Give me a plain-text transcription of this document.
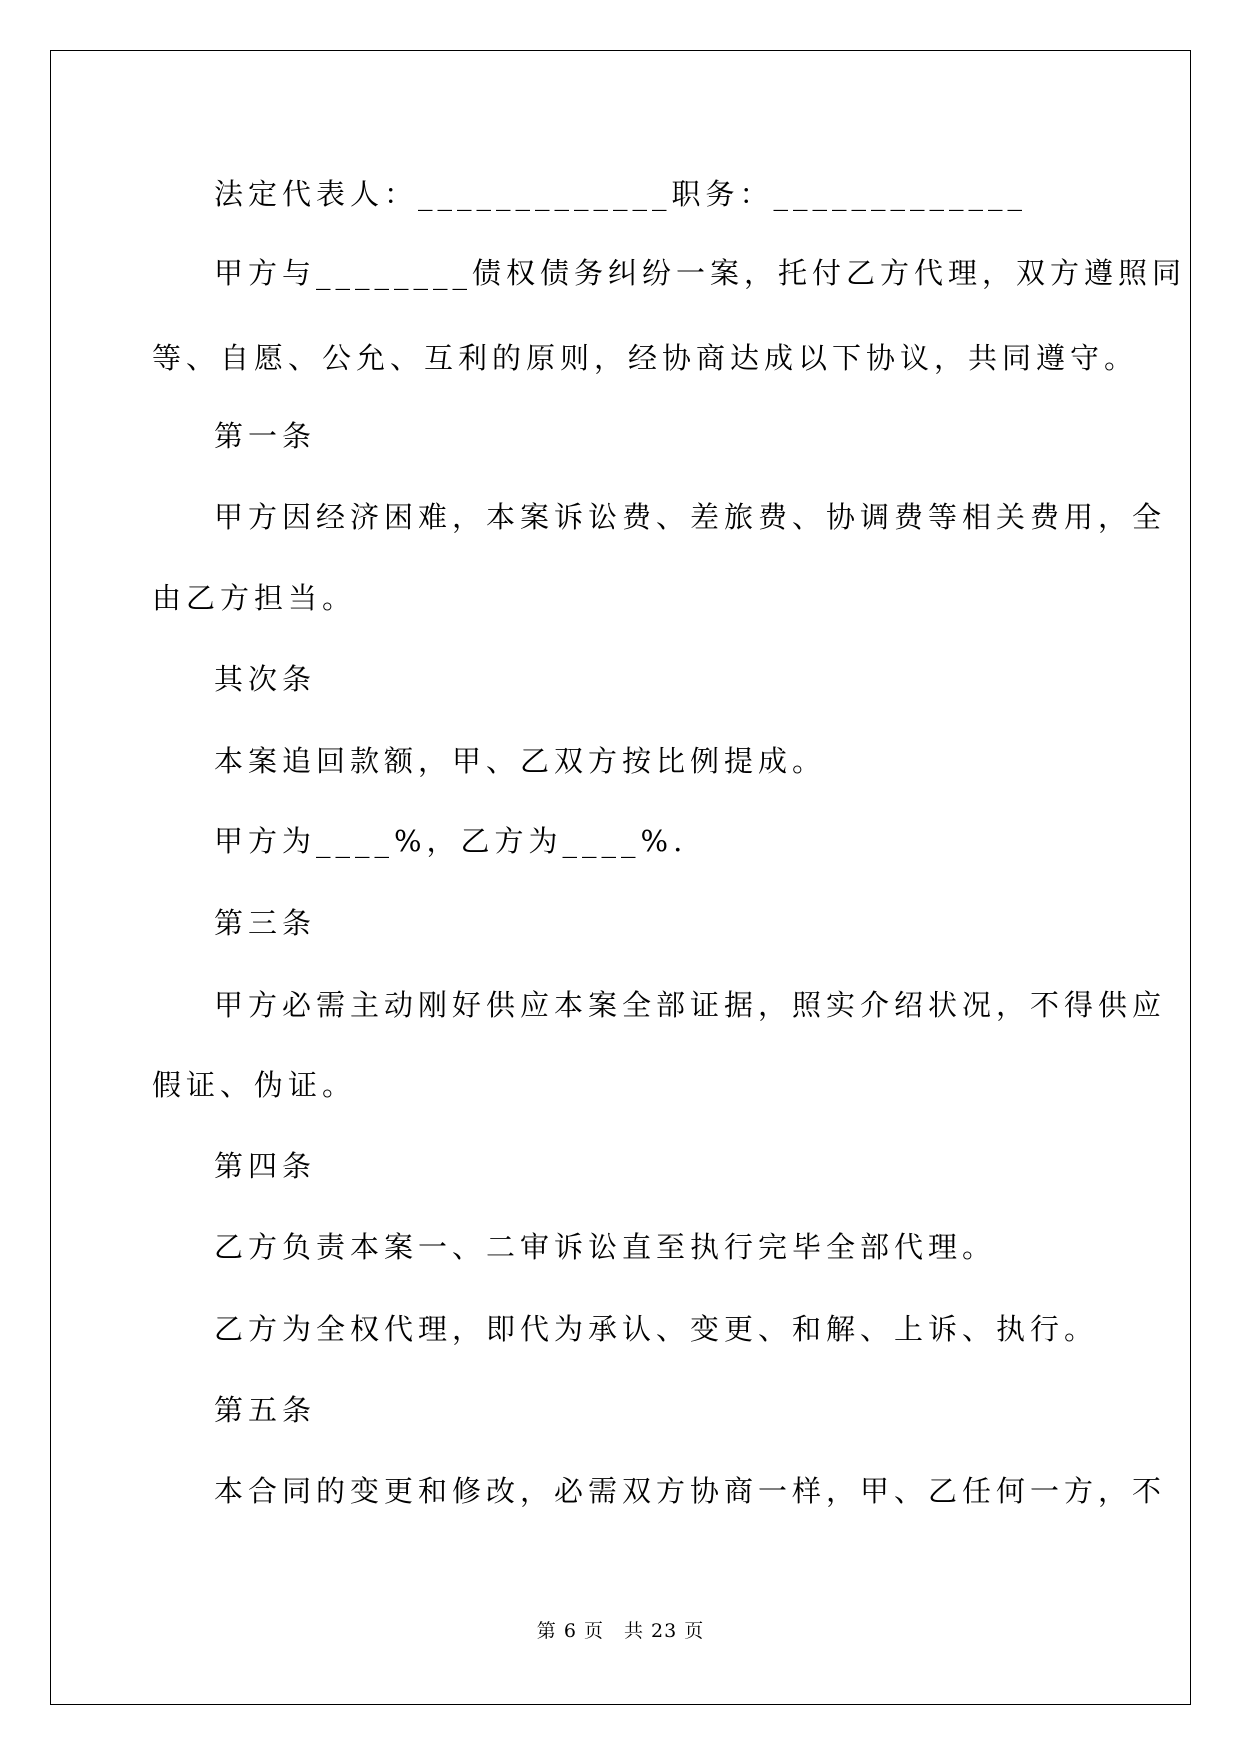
法定代表人：_____________职务：_____________
甲方与________债权债务纠纷一案，托付乙方代理，双方遵照同
等、自愿、公允、互利的原则，经协商达成以下协议，共同遵守。
第一条
甲方因经济困难，本案诉讼费、差旅费、协调费等相关费用，全
由乙方担当。
其次条
本案追回款额，甲、乙双方按比例提成。
甲方为____%，乙方为____%.
第三条
甲方必需主动刚好供应本案全部证据，照实介绍状况，不得供应
假证、伪证。
第四条
乙方负责本案一、二审诉讼直至执行完毕全部代理。
乙方为全权代理，即代为承认、变更、和解、上诉、执行。
第五条
本合同的变更和修改，必需双方协商一样，甲、乙任何一方，不
第 6 页　共 23 页
